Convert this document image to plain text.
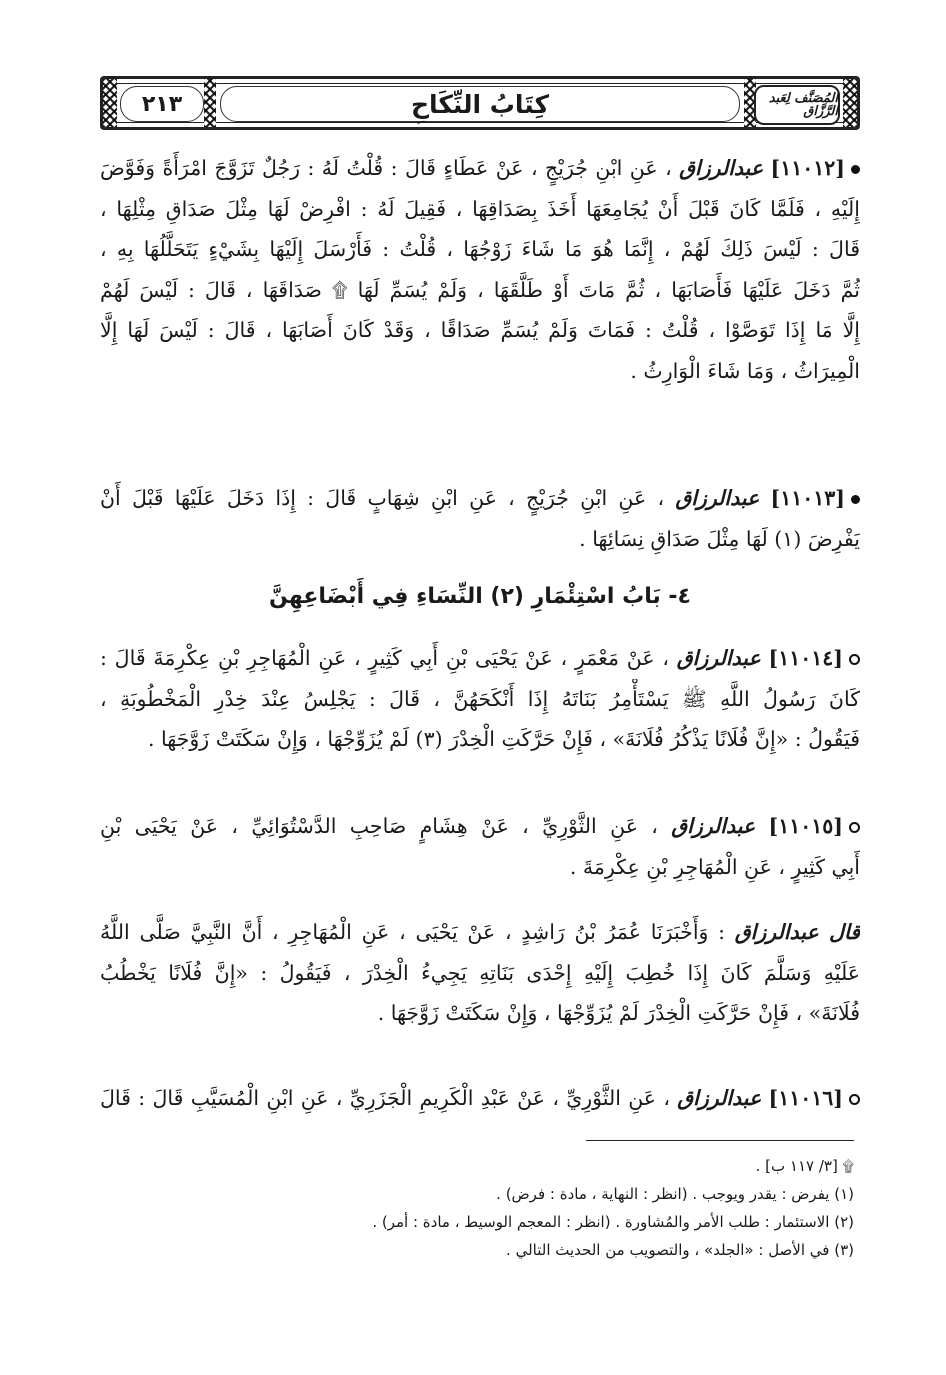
٢١٣	كِتَابُ النِّكَاحِ	المُصَنَّف لِعَبد الرَّزَّاق
[١١٠١٢] عبدالرزاق ، عَنِ ابْنِ جُرَيْجٍ ، عَنْ عَطَاءٍ قَالَ : قُلْتُ لَهُ : رَجُلٌ تَزَوَّجَ امْرَأَةً وَفَوَّضَ
إِلَيْهِ ، فَلَمَّا كَانَ قَبْلَ أَنْ يُجَامِعَهَا أَخَذَ بِصَدَاقِهَا ، فَقِيلَ لَهُ : افْرِضْ لَهَا مِثْلَ صَدَاقِ مِثْلِهَا ،
قَالَ : لَيْسَ ذَلِكَ لَهُمْ ، إِنَّمَا هُوَ مَا شَاءَ زَوْجُهَا ، قُلْتُ : فَأَرْسَلَ إِلَيْهَا بِشَيْءٍ يَتَحَلَّلُهَا بِهِ ،
ثُمَّ دَخَلَ عَلَيْهَا فَأَصَابَهَا ، ثُمَّ مَاتَ أَوْ طَلَّقَهَا ، وَلَمْ يُسَمِّ لَهَا ۩ صَدَاقَهَا ، قَالَ : لَيْسَ لَهُمْ
إِلَّا مَا إِذَا تَوَصَّوْا ، قُلْتُ : فَمَاتَ وَلَمْ يُسَمِّ صَدَاقًا ، وَقَدْ كَانَ أَصَابَهَا ، قَالَ : لَيْسَ لَهَا إِلَّا
الْمِيرَاثُ ، وَمَا شَاءَ الْوَارِثُ .
[١١٠١٣] عبدالرزاق ، عَنِ ابْنِ جُرَيْجٍ ، عَنِ ابْنِ شِهَابٍ قَالَ : إِذَا دَخَلَ عَلَيْهَا قَبْلَ أَنْ
يَفْرِضَ (١) لَهَا مِثْلَ صَدَاقِ نِسَائِهَا .
٤- بَابُ اسْتِئْمَارِ (٢) النِّسَاءِ فِي أَبْضَاعِهِنَّ
[١١٠١٤] عبدالرزاق ، عَنْ مَعْمَرٍ ، عَنْ يَحْيَى بْنِ أَبِي كَثِيرٍ ، عَنِ الْمُهَاجِرِ بْنِ عِكْرِمَةَ قَالَ :
كَانَ رَسُولُ اللَّهِ ﷺ يَسْتَأْمِرُ بَنَاتَهُ إِذَا أَنْكَحَهُنَّ ، قَالَ : يَجْلِسُ عِنْدَ خِدْرِ الْمَخْطُوبَةِ ،
فَيَقُولُ : «إِنَّ فُلَانًا يَذْكُرُ فُلَانَةَ» ، فَإِنْ حَرَّكَتِ الْخِدْرَ (٣) لَمْ يُزَوِّجْهَا ، وَإِنْ سَكَتَتْ زَوَّجَهَا .
[١١٠١٥] عبدالرزاق ، عَنِ الثَّوْرِيِّ ، عَنْ هِشَامٍ صَاحِبِ الدَّسْتُوَائِيِّ ، عَنْ يَحْيَى بْنِ
أَبِي كَثِيرٍ ، عَنِ الْمُهَاجِرِ بْنِ عِكْرِمَةَ .
قال عبدالرزاق : وَأَخْبَرَنَا عُمَرُ بْنُ رَاشِدٍ ، عَنْ يَحْيَى ، عَنِ الْمُهَاجِرِ ، أَنَّ النَّبِيَّ صَلَّى اللَّهُ
عَلَيْهِ وَسَلَّمَ كَانَ إِذَا خُطِبَ إِلَيْهِ إِحْدَى بَنَاتِهِ يَجِيءُ الْخِدْرَ ، فَيَقُولُ : «إِنَّ فُلَانًا يَخْطُبُ
فُلَانَةَ» ، فَإِنْ حَرَّكَتِ الْخِدْرَ لَمْ يُزَوِّجْهَا ، وَإِنْ سَكَتَتْ زَوَّجَهَا .
[١١٠١٦] عبدالرزاق ، عَنِ الثَّوْرِيِّ ، عَنْ عَبْدِ الْكَرِيمِ الْجَزَرِيِّ ، عَنِ ابْنِ الْمُسَيَّبِ قَالَ : قَالَ
۩ [٣/ ١١٧ ب] .
(١) يفرض : يقدر ويوجب . (انظر : النهاية ، مادة : فرض) .
(٢) الاستئمار : طلب الأمر والمُشاورة . (انظر : المعجم الوسيط ، مادة : أمر) .
(٣) في الأصل : «الجلد» ، والتصويب من الحديث التالي .
